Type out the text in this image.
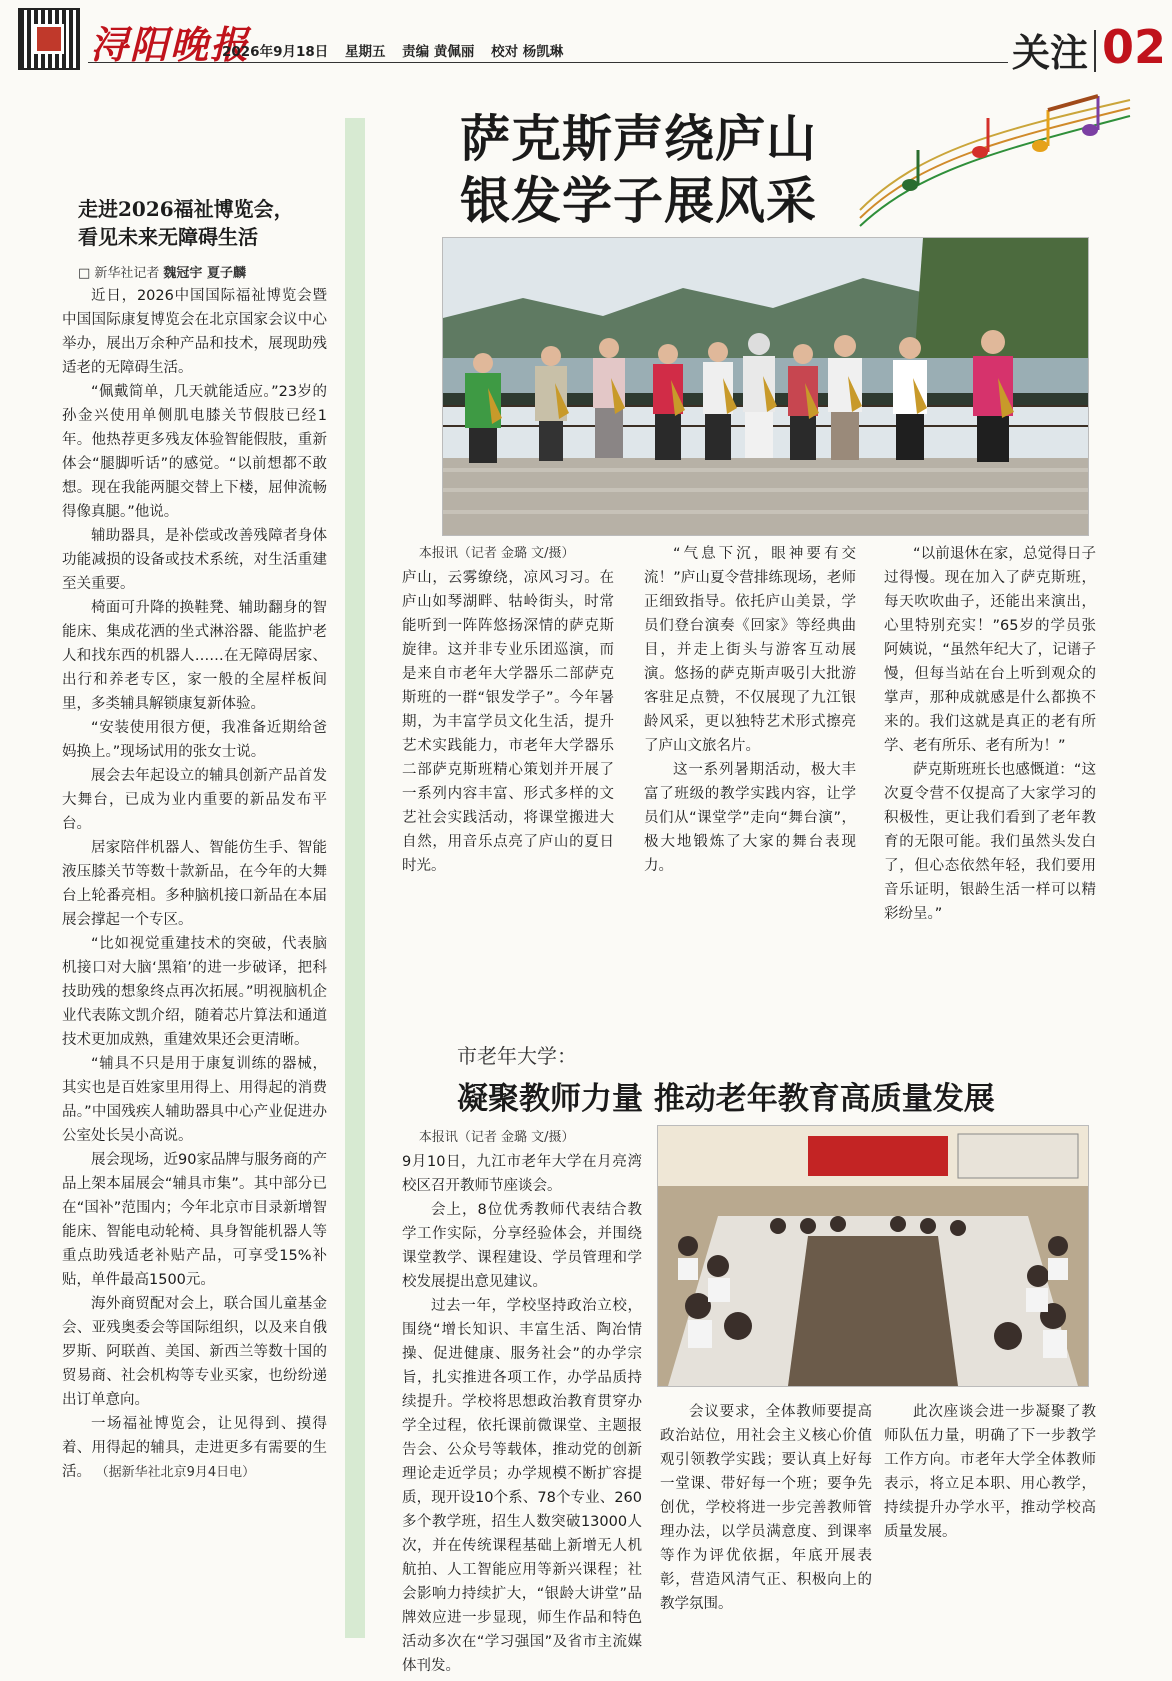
浔阳晚报
2026年9月18日 星期五 责编 黄佩丽 校对 杨凯琳	关注 02
走进2026福祉博览会，
看见未来无障碍生活
□ 新华社记者 魏冠宇 夏子麟

近日，2026中国国际福祉博览会暨中国国际康复博览会在北京国家会议中心举办，展出万余种产品和技术，展现助残适老的无障碍生活。

“佩戴简单，几天就能适应。”23岁的孙金兴使用单侧肌电膝关节假肢已经1年。他热荐更多残友体验智能假肢，重新体会“腿脚听话”的感觉。“以前想都不敢想。现在我能两腿交替上下楼，屈伸流畅得像真腿。”他说。

辅助器具，是补偿或改善残障者身体功能减损的设备或技术系统，对生活重建至关重要。

椅面可升降的换鞋凳、辅助翻身的智能床、集成花洒的坐式淋浴器、能监护老人和找东西的机器人……在无障碍居家、出行和养老专区，家一般的全屋样板间里，多类辅具解锁康复新体验。

“安装使用很方便，我准备近期给爸妈换上。”现场试用的张女士说。

展会去年起设立的辅具创新产品首发大舞台，已成为业内重要的新品发布平台。

居家陪伴机器人、智能仿生手、智能液压膝关节等数十款新品，在今年的大舞台上轮番亮相。多种脑机接口新品在本届展会撑起一个专区。

“比如视觉重建技术的突破，代表脑机接口对大脑‘黑箱’的进一步破译，把科技助残的想象终点再次拓展。”明视脑机企业代表陈文凯介绍，随着芯片算法和通道技术更加成熟，重建效果还会更清晰。

“辅具不只是用于康复训练的器械，其实也是百姓家里用得上、用得起的消费品。”中国残疾人辅助器具中心产业促进办公室处长吴小高说。

展会现场，近90家品牌与服务商的产品上架本届展会“辅具市集”。其中部分已在“国补”范围内；今年北京市目录新增智能床、智能电动轮椅、具身智能机器人等重点助残适老补贴产品，可享受15%补贴，单件最高1500元。

海外商贸配对会上，联合国儿童基金会、亚残奥委会等国际组织，以及来自俄罗斯、阿联酋、美国、新西兰等数十国的贸易商、社会机构等专业买家，也纷纷递出订单意向。

一场福祉博览会，让见得到、摸得着、用得起的辅具，走进更多有需要的生活。 （据新华社北京9月4日电）

萨克斯声绕庐山
银发学子展风采

本报讯（记者 金璐 文/摄）

庐山，云雾缭绕，凉风习习。在庐山如琴湖畔、牯岭街头，时常能听到一阵阵悠扬深情的萨克斯旋律。这并非专业乐团巡演，而是来自市老年大学器乐二部萨克斯班的一群“银发学子”。今年暑期，为丰富学员文化生活，提升艺术实践能力，市老年大学器乐二部萨克斯班精心策划并开展了一系列内容丰富、形式多样的文艺社会实践活动，将课堂搬进大自然，用音乐点亮了庐山的夏日时光。

“气息下沉，眼神要有交流！”庐山夏令营排练现场，老师正细致指导。依托庐山美景，学员们登台演奏《回家》等经典曲目，并走上街头与游客互动展演。悠扬的萨克斯声吸引大批游客驻足点赞，不仅展现了九江银龄风采，更以独特艺术形式擦亮了庐山文旅名片。

这一系列暑期活动，极大丰富了班级的教学实践内容，让学员们从“课堂学”走向“舞台演”，极大地锻炼了大家的舞台表现力。

“以前退休在家，总觉得日子过得慢。现在加入了萨克斯班，每天吹吹曲子，还能出来演出，心里特别充实！”65岁的学员张阿姨说，“虽然年纪大了，记谱子慢，但每当站在台上听到观众的掌声，那种成就感是什么都换不来的。我们这就是真正的老有所学、老有所乐、老有所为！”

萨克斯班班长也感慨道：“这次夏令营不仅提高了大家学习的积极性，更让我们看到了老年教育的无限可能。我们虽然头发白了，但心态依然年轻，我们要用音乐证明，银龄生活一样可以精彩纷呈。”

市老年大学：
凝聚教师力量 推动老年教育高质量发展

本报讯（记者 金璐 文/摄）

9月10日，九江市老年大学在月亮湾校区召开教师节座谈会。

会上，8位优秀教师代表结合教学工作实际，分享经验体会，并围绕课堂教学、课程建设、学员管理和学校发展提出意见建议。

过去一年，学校坚持政治立校，围绕“增长知识、丰富生活、陶冶情操、促进健康、服务社会”的办学宗旨，扎实推进各项工作，办学品质持续提升。学校将思想政治教育贯穿办学全过程，依托课前微课堂、主题报告会、公众号等载体，推动党的创新理论走近学员；办学规模不断扩容提质，现开设10个系、78个专业、260多个教学班，招生人数突破13000人次，并在传统课程基础上新增无人机航拍、人工智能应用等新兴课程；社会影响力持续扩大，“银龄大讲堂”品牌效应进一步显现，师生作品和特色活动多次在“学习强国”及省市主流媒体刊发。

会议要求，全体教师要提高政治站位，用社会主义核心价值观引领教学实践；要认真上好每一堂课、带好每一个班；要争先创优，学校将进一步完善教师管理办法，以学员满意度、到课率等作为评优依据，年底开展表彰，营造风清气正、积极向上的教学氛围。

此次座谈会进一步凝聚了教师队伍力量，明确了下一步教学工作方向。市老年大学全体教师表示，将立足本职、用心教学，持续提升办学水平，推动学校高质量发展。
